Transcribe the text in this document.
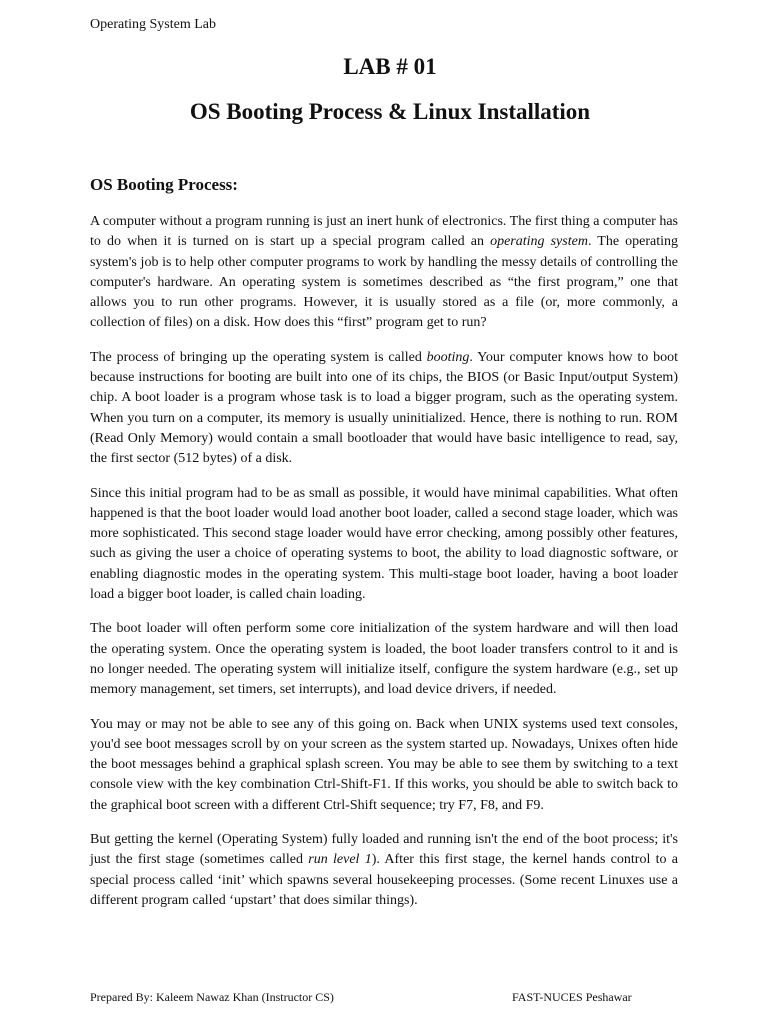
Operating System Lab
LAB # 01
OS Booting Process & Linux Installation
OS Booting Process:

A computer without a program running is just an inert hunk of electronics. The first thing a computer has to do when it is turned on is start up a special program called an operating system. The operating system's job is to help other computer programs to work by handling the messy details of controlling the computer's hardware. An operating system is sometimes described as “the first program,” one that allows you to run other programs. However, it is usually stored as a file (or, more commonly, a collection of files) on a disk. How does this “first” program get to run?

The process of bringing up the operating system is called booting. Your computer knows how to boot because instructions for booting are built into one of its chips, the BIOS (or Basic Input/output System) chip. A boot loader is a program whose task is to load a bigger program, such as the operating system. When you turn on a computer, its memory is usually uninitialized. Hence, there is nothing to run. ROM (Read Only Memory) would contain a small bootloader that would have basic intelligence to read, say, the first sector (512 bytes) of a disk.

Since this initial program had to be as small as possible, it would have minimal capabilities. What often happened is that the boot loader would load another boot loader, called a second stage loader, which was more sophisticated. This second stage loader would have error checking, among possibly other features, such as giving the user a choice of operating systems to boot, the ability to load diagnostic software, or enabling diagnostic modes in the operating system. This multi-stage boot loader, having a boot loader load a bigger boot loader, is called chain loading.

The boot loader will often perform some core initialization of the system hardware and will then load the operating system. Once the operating system is loaded, the boot loader transfers control to it and is no longer needed. The operating system will initialize itself, configure the system hardware (e.g., set up memory management, set timers, set interrupts), and load device drivers, if needed.

You may or may not be able to see any of this going on. Back when UNIX systems used text consoles, you'd see boot messages scroll by on your screen as the system started up. Nowadays, Unixes often hide the boot messages behind a graphical splash screen. You may be able to see them by switching to a text console view with the key combination Ctrl-Shift-F1. If this works, you should be able to switch back to the graphical boot screen with a different Ctrl-Shift sequence; try F7, F8, and F9.

But getting the kernel (Operating System) fully loaded and running isn't the end of the boot process; it's just the first stage (sometimes called run level 1). After this first stage, the kernel hands control to a special process called ‘init’ which spawns several housekeeping processes. (Some recent Linuxes use a different program called ‘upstart’ that does similar things).

Prepared By: Kaleem Nawaz Khan (Instructor CS)	FAST-NUCES Peshawar
